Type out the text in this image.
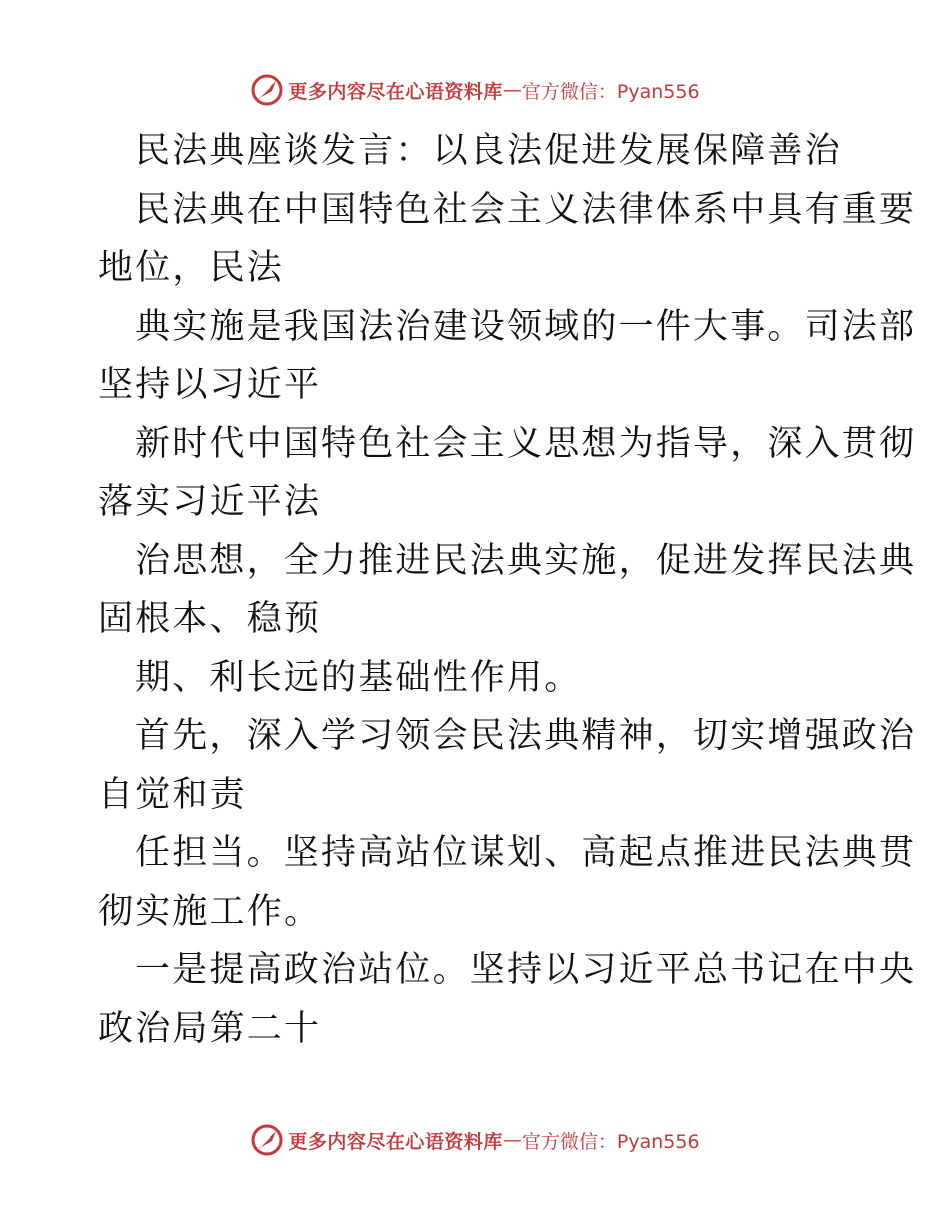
更多内容尽在心语资料库 — 官方微信：Pyan556
民法典座谈发言：以良法促进发展保障善治
民法典在中国特色社会主义法律体系中具有重要
地位，民法
典实施是我国法治建设领域的一件大事。司法部
坚持以习近平
新时代中国特色社会主义思想为指导，深入贯彻
落实习近平法
治思想，全力推进民法典实施，促进发挥民法典
固根本、稳预
期、利长远的基础性作用。
首先，深入学习领会民法典精神，切实增强政治
自觉和责
任担当。坚持高站位谋划、高起点推进民法典贯
彻实施工作。
一是提高政治站位。坚持以习近平总书记在中央
政治局第二十
更多内容尽在心语资料库 — 官方微信：Pyan556
